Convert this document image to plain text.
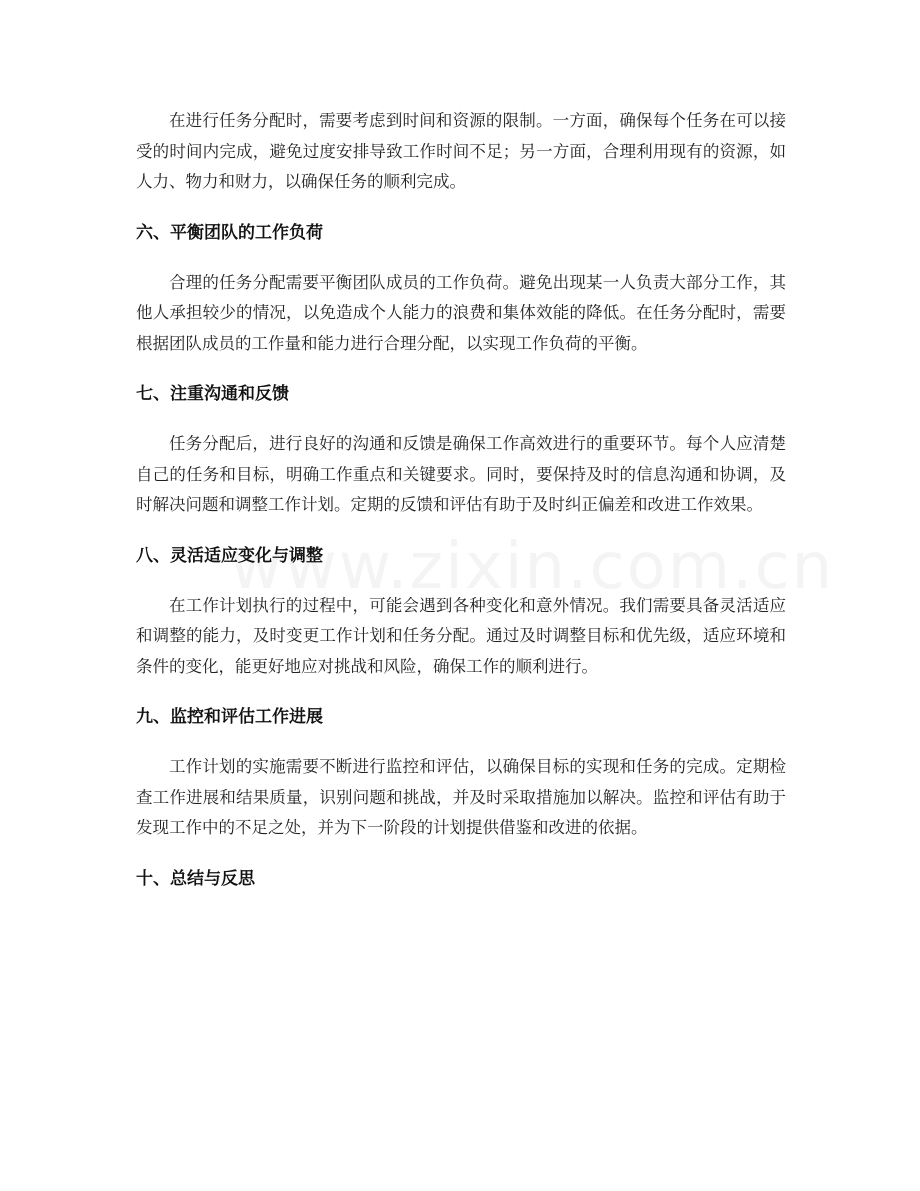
在进行任务分配时，需要考虑到时间和资源的限制。一方面，确保每个任务在可以接受的时间内完成，避免过度安排导致工作时间不足；另一方面，合理利用现有的资源，如人力、物力和财力，以确保任务的顺利完成。

六、平衡团队的工作负荷

合理的任务分配需要平衡团队成员的工作负荷。避免出现某一人负责大部分工作，其他人承担较少的情况，以免造成个人能力的浪费和集体效能的降低。在任务分配时，需要根据团队成员的工作量和能力进行合理分配，以实现工作负荷的平衡。

七、注重沟通和反馈

任务分配后，进行良好的沟通和反馈是确保工作高效进行的重要环节。每个人应清楚自己的任务和目标，明确工作重点和关键要求。同时，要保持及时的信息沟通和协调，及时解决问题和调整工作计划。定期的反馈和评估有助于及时纠正偏差和改进工作效果。

八、灵活适应变化与调整

在工作计划执行的过程中，可能会遇到各种变化和意外情况。我们需要具备灵活适应和调整的能力，及时变更工作计划和任务分配。通过及时调整目标和优先级，适应环境和条件的变化，能更好地应对挑战和风险，确保工作的顺利进行。

九、监控和评估工作进展

工作计划的实施需要不断进行监控和评估，以确保目标的实现和任务的完成。定期检查工作进展和结果质量，识别问题和挑战，并及时采取措施加以解决。监控和评估有助于发现工作中的不足之处，并为下一阶段的计划提供借鉴和改进的依据。

十、总结与反思
